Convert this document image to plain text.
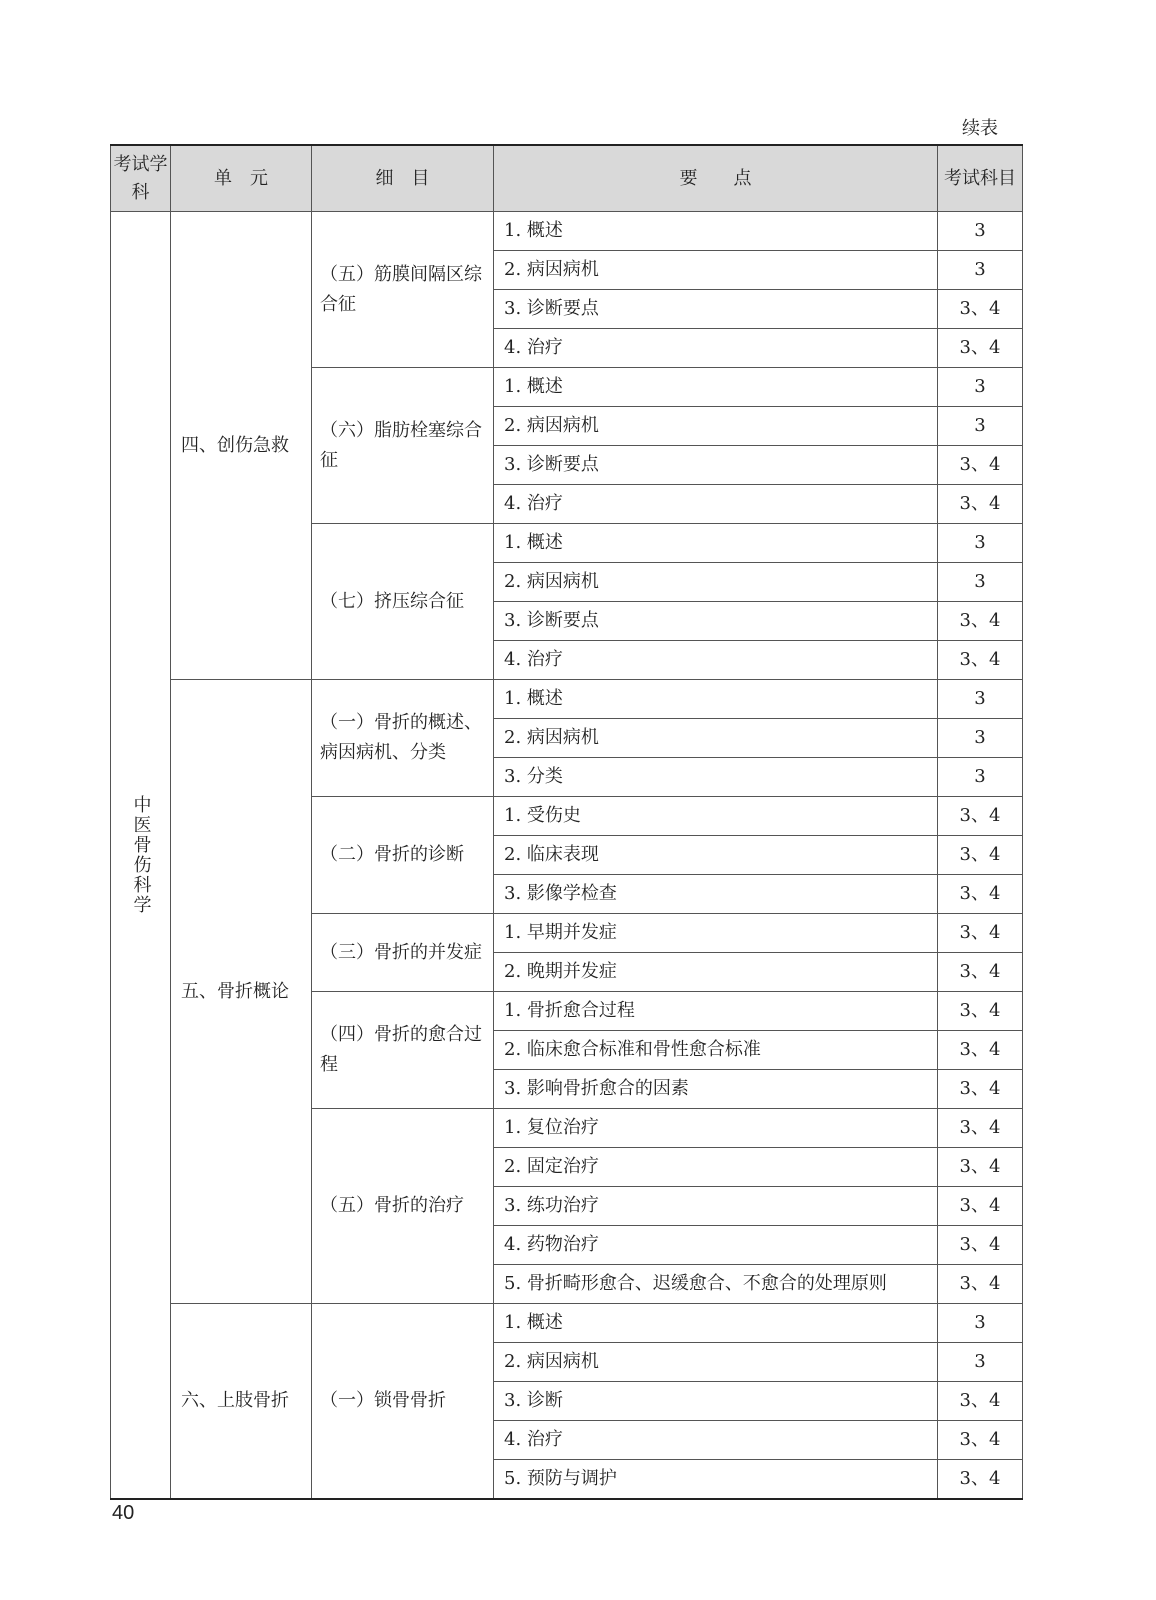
续表
考试学科	单　元	细　目	要　　点	考试科目
中医骨伤科学	四、创伤急救	（五）筋膜间隔区综合征	1. 概述	3
			2. 病因病机	3
			3. 诊断要点	3、4
			4. 治疗	3、4
		（六）脂肪栓塞综合征	1. 概述	3
			2. 病因病机	3
			3. 诊断要点	3、4
			4. 治疗	3、4
		（七）挤压综合征	1. 概述	3
			2. 病因病机	3
			3. 诊断要点	3、4
			4. 治疗	3、4
	五、骨折概论	（一）骨折的概述、病因病机、分类	1. 概述	3
			2. 病因病机	3
			3. 分类	3
		（二）骨折的诊断	1. 受伤史	3、4
			2. 临床表现	3、4
			3. 影像学检查	3、4
		（三）骨折的并发症	1. 早期并发症	3、4
			2. 晚期并发症	3、4
		（四）骨折的愈合过程	1. 骨折愈合过程	3、4
			2. 临床愈合标准和骨性愈合标准	3、4
			3. 影响骨折愈合的因素	3、4
		（五）骨折的治疗	1. 复位治疗	3、4
			2. 固定治疗	3、4
			3. 练功治疗	3、4
			4. 药物治疗	3、4
			5. 骨折畸形愈合、迟缓愈合、不愈合的处理原则	3、4
	六、上肢骨折	（一）锁骨骨折	1. 概述	3
			2. 病因病机	3
			3. 诊断	3、4
			4. 治疗	3、4
			5. 预防与调护	3、4
40
